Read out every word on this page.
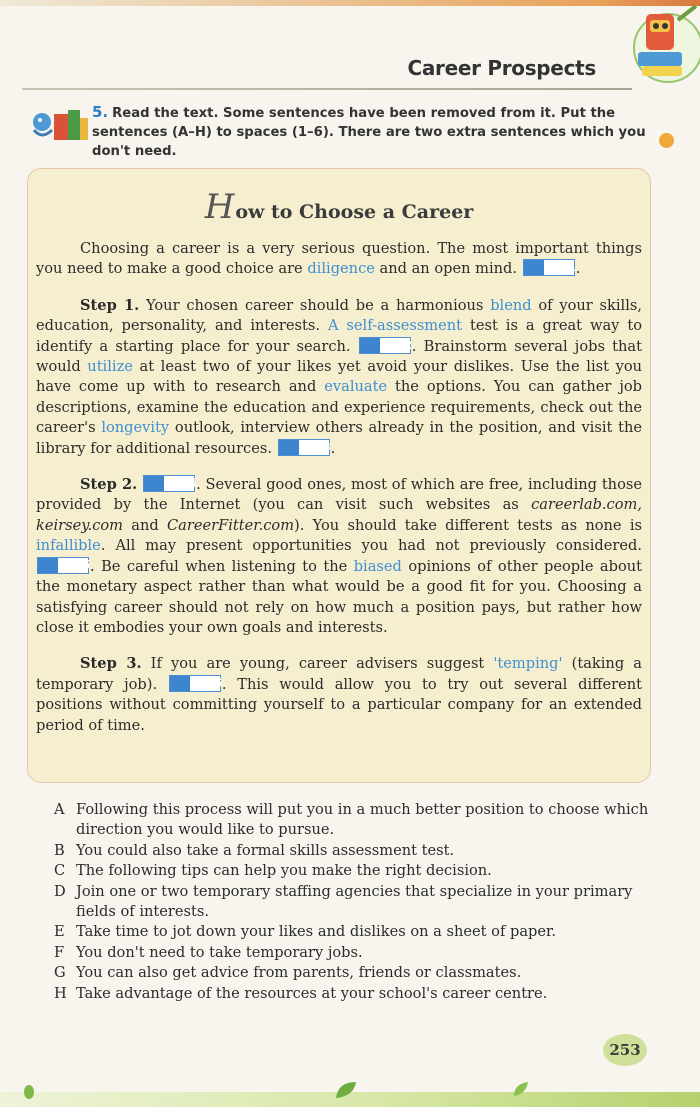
Career Prospects
5. Read the text. Some sentences have been removed from it. Put the sentences (A–H) to spaces (1–6). There are two extra sentences which you don't need.
How to Choose a Career

Choosing a career is a very serious question. The most important things you need to make a good choice are diligence and an open mind.	1 .

Step 1. Your chosen career should be a harmonious blend of your skills, education, personality, and interests. A self-assessment test is a great way to identify a starting place for your search.	2 . Brainstorm several jobs that would utilize at least two of your likes yet avoid your dislikes. Use the list you have come up with to research and evaluate the options. You can gather job descriptions, examine the education and experience requirements, check out the career's longevity outlook, interview others already in the position, and visit the library for additional resources.	3 .

Step 2.	4 . Several good ones, most of which are free, including those provided by the Internet (you can visit such websites as careerlab.com, keirsey.com and CareerFitter.com). You should take different tests as none is infallible. All may present opportunities you had not previously considered.
5 . Be careful when listening to the biased opinions of other people about the monetary aspect rather than what would be a good fit for you. Choosing a satisfying career should not rely on how much a position pays, but rather how close it embodies your own goals and interests.

Step 3. If you are young, career advisers suggest 'temping' (taking a temporary job).	6 . This would allow you to try out several different positions without committing yourself to a particular company for an extended period of time.

A Following this process will put you in a much better position to choose which direction you would like to pursue.
B You could also take a formal skills assessment test.
C The following tips can help you make the right decision.
D Join one or two temporary staffing agencies that specialize in your primary fields of interests.
E Take time to jot down your likes and dislikes on a sheet of paper.
F You don't need to take temporary jobs.
G You can also get advice from parents, friends or classmates.
H Take advantage of the resources at your school's career centre.
253
